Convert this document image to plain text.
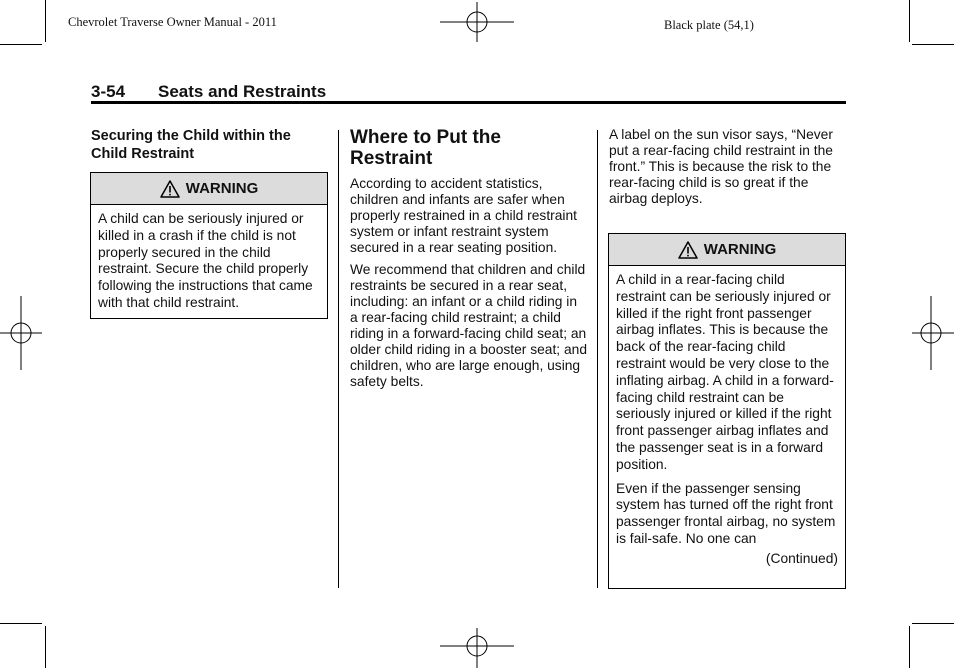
Chevrolet Traverse Owner Manual - 2011	Black plate (54,1)
3-54 Seats and Restraints
Securing the Child within the Child Restraint
WARNING

A child can be seriously injured or killed in a crash if the child is not properly secured in the child restraint. Secure the child properly following the instructions that came with that child restraint.

Where to Put the Restraint

According to accident statistics, children and infants are safer when properly restrained in a child restraint system or infant restraint system secured in a rear seating position.

We recommend that children and child restraints be secured in a rear seat, including: an infant or a child riding in a rear-facing child restraint; a child riding in a forward-facing child seat; an older child riding in a booster seat; and children, who are large enough, using safety belts.

A label on the sun visor says, “Never put a rear-facing child restraint in the front.” This is because the risk to the rear-facing child is so great if the airbag deploys.

WARNING

A child in a rear-facing child restraint can be seriously injured or killed if the right front passenger airbag inflates. This is because the back of the rear-facing child restraint would be very close to the inflating airbag. A child in a forward-facing child restraint can be seriously injured or killed if the right front passenger airbag inflates and the passenger seat is in a forward position.

Even if the passenger sensing system has turned off the right front passenger frontal airbag, no system is fail-safe. No one can

(Continued)
